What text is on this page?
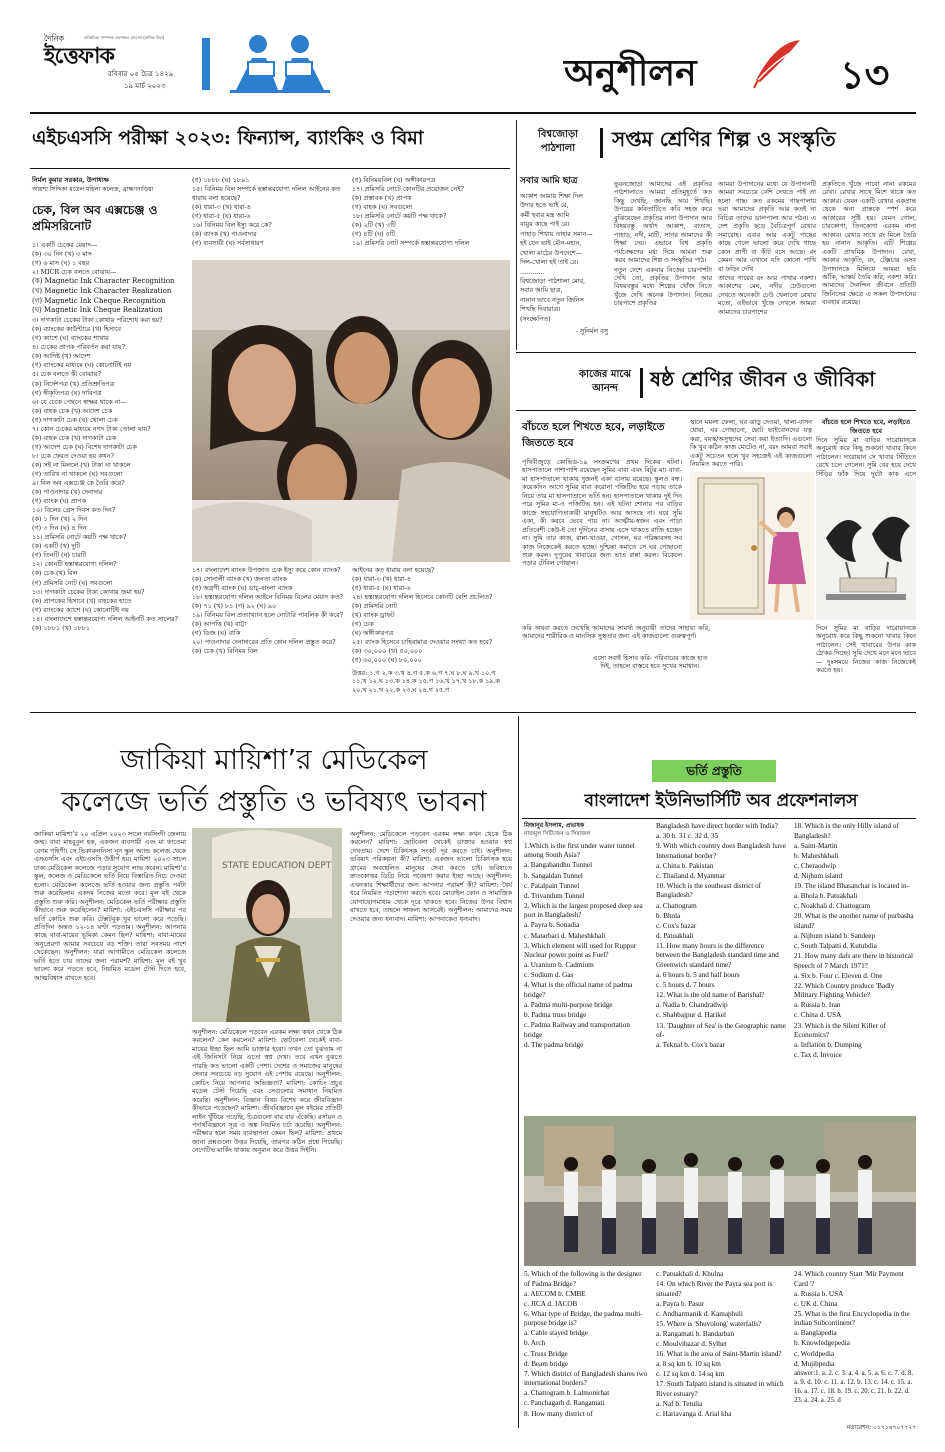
দৈনিক
ইত্তেফাক
প্রতিষ্ঠাতা সম্পাদক তফাজ্জল হোসেন (মানিক মিয়া)
রবিবার ০৫ চৈত্র ১৪২৯
১৯ মার্চ ২০২৩	অনুশীলন	১৩
এইচএসসি পরীক্ষা ২০২৩: ফিন্যান্স, ব্যাংকিং ও বিমা
নির্মল কুমার সরকার, উপাধ্যক্ষ
আয়শা সিদ্দিকা মডেল মহিলা কলেজ, ব্রাহ্মণবাড়িয়া
চেক, বিল অব এক্সচেঞ্জ ও প্রমিসরিনোট
১। একটি চেকের মেয়াদ—
(ক) ৩০ দিন (খ) ৩ মাস
(গ) ৬ মাস (ঘ) ১ বছর
২। MICR চেক বলতে বোঝায়—
(ক) Magnetic Ink Character Recognition
(খ) Magnetic Ink Character Realization
(গ) Magnetic Ink Cheque Recognition
(ঘ) Magnetic Ink Cheque Realization
৩। দাগকাটা চেকের টাকা কোথায় পরিশোধ করা হয়?
(ক) ব্যাংকের কাউন্টারে (খ) হিসাবে
(গ) ক্যাশে (ঘ) ব্যাংকের শাখায়
৪। চেকের প্রাপক পরিবর্তন করা যায়?
(ক) আদিষ্ট (খ) আদেশ
(গ) ব্যাংকের মাধ্যমে (ঘ) কোনোটিই নয়
৫। চেক বলতে কী বোঝায়?
(ক) নির্দেশপত্র (খ) প্রতিশ্রুতিপত্র
(গ) স্বীকৃতিপত্র (ঘ) দাবিপত্র
৬। যে চেকে পেছনে স্বাক্ষর থাকে না—
(ক) বাহক চেক (খ) আদেশ চেক
(গ) দাগকাটা চেক (ঘ) খোলা চেক
৭। কোন চেকের মাধ্যমে নগদ টাকা তোলা যায়?
(ক) বাহক চেক (খ) দাগকাটা চেক
(গ) আদেশ চেক (ঘ) বিশেষ দাগকাটা চেক
৮। চেক ফেরত দেওয়া হয় কখন?
(ক) সই না মিললে (খ) টাকা না থাকলে
(গ) তারিখ না থাকলে (ঘ) সবগুলো
৯। বিল অব এক্সচেঞ্জ কে তৈরি করে?
(ক) পাওনাদার (খ) দেনাদার
(গ) ব্যাংক (ঘ) প্রাপক
১০। বিলের গ্রেস দিবস কত দিন?
(ক) ১ দিন (খ) ২ দিন
(গ) ৩ দিন (ঘ) ৪ দিন
১১। প্রমিসরি নোটে কয়টি পক্ষ থাকে?
(ক) একটি (খ) দুটি
(গ) তিনটি (ঘ) চারটি
১২। কোনটি হস্তান্তরযোগ্য দলিল?
(ক) চেক (খ) বিল
(গ) প্রমিসরি নোট (ঘ) সবগুলো
১৩। দাগকাটা চেকের টাকা কোথায় জমা হয়?
(ক) প্রাপকের হিসাবে (খ) বাহকের হাতে
(গ) ব্যাংকের ক্যাশে (ঘ) কোনোটিই নয়
১৪। বাংলাদেশে হস্তান্তরযোগ্য দলিল আইনটি কত সালের?
(ক) ১৮৮১ (খ) ১৮৮১
(গ) ১৮৮৮ (ঘ) ১৮৯১
১৫। বিনিময় বিল সম্পর্কে হস্তান্তরযোগ্য দলিল আইনের কত ধারায় বলা হয়েছে?
(ক) ধারা-৩ (খ) ধারা-৪
(গ) ধারা-৫ (ঘ) ধারা-৬
১৬। বিনিময় বিল ইস্যু করে কে?
(ক) ব্যাংক (খ) পাওনাদার
(গ) ব্যবসায়ী (ঘ) সর্বসাধারণ
(গ) বিনিময়বিল (ঘ) অঙ্গীকারপত্র
১৭। প্রমিসরি নোটে কোনটির প্রয়োজন নেই?
(ক) প্রস্তাবক (খ) প্রাপক
(গ) বাহক (ঘ) সবগুলো
১৮। প্রমিসরি নোটে কয়টি পক্ষ থাকে?
(ক) ২টি (খ) ৩টি
(গ) ৪টি (ঘ) ৫টি
১৯। প্রমিসরি নোট সম্পর্কে হস্তান্তরযোগ্য দলিল
১৭। বাংলাদেশ ব্যাংক উপজাত চেক ইস্যু করে কোন ব্যাংক?
(ক) সোনালী ব্যাংক (খ) জনতা ব্যাংক
(গ) অগ্রণী ব্যাংক (ঘ) ডাচ্-বাংলা ব্যাংক
১৮। হস্তান্তরযোগ্য দলিল আইনে বিনিময় বিলের মেয়াদ কত?
(ক) ৭১ (খ) ৮১ (গ) ৯২ (ঘ) ৯০
১৯। বিনিময় বিল প্রত্যাখ্যান হলে নোটারি পাবলিক কী করে?
(ক) আপত্তি (খ) বাট্টা
(গ) ডিজ (ঘ) বাকি
২০। পাওনাদার দেনাদারের প্রতি কোন দলিল প্রস্তুত করে?
(ক) চেক (খ) বিনিময় বিল
আইনের কত ধারায় বলা হয়েছে?
(ক) ধারা-৩ (খ) ধারা-৪
(গ) ধারা-৫ (ঘ) ধারা-৬
২৪। হস্তান্তরযোগ্য দলিল হিসেবে কোনটি বেশি প্রচলিত?
(ক) প্রমিসরি নোট
(খ) ব্যাংক ড্রাফট
(গ) চেক
(ঘ) অঙ্গীকারপত্র
২৫। ব্যাংক হিসেবে চাহিবামাত্র দেওয়ার সংখ্যা কত হবে?
(ক) ৩০,০০০ (খ) ৫০,০০০
(গ) ৬০,০০০ (ঘ) ৮০,০০০
উত্তর: ১.গ ২.ক ৩.খ ৪.গ ৫.ক ৬.গ ৭.ঘ ৮.ঘ ৯.খ ১০.গ ১১.খ ১২.ঘ ১৩.ক ১৪.ক ১৫.গ ১৬.খ ১৭.খ ১৮.ক ১৯.ক ২০.খ ২১.খ ২২.ক ২৩.ঘ ২৪.গ ২৫.গ
বিশ্বজোড়া
পাঠশালা	সপ্তম শ্রেণির শিল্প ও সংস্কৃতি
সবার আমি ছাত্র
আকাশ আমায় শিক্ষা দিল
উদার হতে ভাই রে,
কর্মী হবার মন্ত্র আমি
বায়ুর কাছে পাই রে।
পাহাড় শিখায় তাহার সমান—
হই যেন ভাই মৌন-মহান,
খোলা মাঠের উপদেশে—
দিল-খোলা হই তাই রে।
............
বিশ্বজোড়া পাঠশালা মোর,
সবার আমি ছাত্র,
নানান ভাবে নতুন জিনিস
শিখছি দিবারাত্র।
(সংক্ষেপিত)
- সুনির্মল বসু

ভুবনজোড়া আমাদের এই প্রকৃতির পাঠশালাতে আমরা প্রতিমুহূর্তে কত কিছু দেখছি, জানছি আর শিখছি। উপরের কবিতাটিতে কবি সহজ করে বুঝিয়েছেন প্রকৃতির নানা উপাদান আর বিষয়বস্তু অর্থাৎ আকাশ, বাতাস, পাহাড়, নদী, মাটি, সাগর আমাদের কী শিক্ষা দেয়। এভাবে বিশ্ব প্রকৃতি পর্যবেক্ষণের মধ্য দিয়ে আমরা শুরু করব আমাদের শিল্প ও সংস্কৃতির পাঠ।

নতুন দেশে একবার নিজের চারপাশটা দেখি তো, প্রকৃতির উপাদান আর বিষয়বস্তুর মধ্যে শিল্পের খোঁজ নিতে খুঁজে দেখি অনেক উপাদান। নিজের চারপাশে প্রকৃতির

আমরা উপাদানের মধ্যে যে উপাদানটি আমরা সবচেয়ে বেশি দেখতে পাই তা হলো গাছ। কত রকমের গাছপালায় ভরা আমাদের প্রকৃতি আর কতই না বিচিত্র তাদের ডালপালা আর গঠন। এ দেশ প্রকৃতি ছড়ে বৈচিত্রপূর্ণ রেখার সমারোহ। এবার আর একটু গাছের কাছে গেলে ভালো করে দেখি গাছে কোন প্রাণী বা কীট বসে আছে। রং কেমন আর এখানে যদি কোনো পাখি বা ফড়িং দেখি

তাদের গায়ের রং আর পাখার নকশা। আকাশের মেঘ, নদীর ঢেউগুলো দেখতে অনেকটা ঢেউ খেলানো রেখার মতো, এইভাবে খুঁজে দেখলে আমরা আমাদের চারপাশের

প্রকৃতিতে খুঁজে পাবো নানা রকমের রেখা। রেখার সাথে মিশে থাকে কত আকার। যেমন একটি রেখার একপ্রান্ত থেকে অন্য প্রান্তকে স্পর্শ করে আকারের সৃষ্টি হয়। যেমন গোল, চারকোণা, তিনকোণা এরকম নানা আকার। রেখার সাথে রং মিলে তৈরি হয় নানান আকৃতি। এটি শিল্পের একটি প্রাথমিক উপাদান। রেখা, আকার আকৃতি, রং, টেক্সচার এসব উপাদানকে মিলিয়ে আমরা ছবি আঁকি, ভাস্কর্য তৈরি করি, নকশা করি। আমাদের দৈনন্দিন জীবনে প্রতিটি জিনিসের ক্ষেত্রে এ সকল উপাদানের ব্যবহার রয়েছে।

কাজের মাঝে
আনন্দ	ষষ্ঠ শ্রেণির জীবন ও জীবিকা
বাঁচতে হলে শিখতে হবে, লড়াইতে জিততে হবে

পৃথিবীজুড়ে কোভিড-১৯ সংক্রমণের প্রথম দিকের ঘটনা। হাসপাতালে পাশাপাশি রয়েছেন সুমির বাবা এবং বিটুর মা। বাবা-মা হাসপাতালে থাকায় দুজনই একা বাসায় রয়েছে। স্কুলও বন্ধ। কয়েকদিন আগে সুমির বাবা করোনা পজিটিভ হয়ে পড়ায় তাকে নিয়ে তার মা হাসপাতালে ভর্তি হন। হাসপাতালে থাকার দুই দিন পরে সুমির মা-ও পজিটিভ হন। এই ঘটনা শোনার পর বাড়ির কাজে সহযোগিতাকারী মানুষটিও আর আসছে না। ঘরে সুমি একা, কী করবে ভেবে পায় না। আত্মীয়-স্বজন এবং পাড়া প্রতিবেশী কেউ-ই তো দুর্দিনের বাসায় এসে থাকতে রাজি হচ্ছেন না। সুমি তার কাজ, রান্না-খাওয়া, গোসল, ঘর পরিষ্কারসহ সব কাজ নিজেকেই করতে হচ্ছে। দুশ্চিন্তা কমাতে সে ঘর গোছানো শুরু করল। দুপুরের খাবারের জন্য ভাত রান্না করল। বিকেলে পড়ার টেবিল গোছাল।

স্থানে ময়লা ফেলা, ঘর ঝাড়ু দেওয়া, থালা-বাসন ধোয়া, ঘর গোছানো, ছোট ভাইবোনদের যত্ন করা, বয়স্ক/অসুস্থদের সেবা করা ইত্যাদি। এগুলো কি খুব কঠিন কাজ মোটেও না, বরং আমরা সবাই একটু সচেতন হলে খুব সহজেই এই কাজগুলো নিয়মিত করতে পারি।

বাঁচতে হলে শিখতে হবে, লড়াইতে জিততে হবে

দিনে সুমির মা বাড়ির দারোয়ানকে অনুরোধ করে কিছু শুকনো খাবার কিনে পাঠালেন। দারোয়ান সে খাবার সিঁড়িতে রেখে চলে গেলেন। সুমি বের হয়ে দেখে সিঁড়ির ফাঁক দিয়ে দুটো কাক এসে

করি অথবা করতে দেখেছি আমাদের সামর্থ্য অনুযায়ী তাদের সাহায্য করি, আমাদের শারীরিক ও মানসিক সুস্থতার জন্য এই কাজগুলো গুরুত্বপূর্ণ।

এসো সবাই হিসাব করি- পরিবারের কাজে হাত দিই, তাহলে বাস্তবে হবে সুখের সমাধান।

দিনে সুমির মা বাড়ির দারোয়ানকে অনুরোধ করে কিছু শুকনো খাবার কিনে পাঠালেন। সেই খাবারের উপর কাক ঠোকর দিচ্ছে। সুমি দেখে মনে মনে ভাবে— দুঃসময়ে নিজের কাজ নিজেকেই করতে হয়।

জাকিয়া মায়িশা’র মেডিকেল
কলেজে ভর্তি প্রস্তুতি ও ভবিষ্যৎ ভাবনা

জাকিয়া মায়িশা’র ২০ এপ্রিল ২০২৩ সালে নরসিংদী জেলায় জন্ম। বাবা মাহবুবুল হক, একজন ব্যবসায়ী এবং মা ফাতেমা বেগম গৃহিণী। সে ভিকারুননিসা নূন স্কুল অ্যান্ড কলেজ থেকে এসএসসি এবং এইচএসসি উত্তীর্ণ হয়। মায়িশা ২০২৩ সালে ঢাকা মেডিকেল কলেজে পড়ার সুযোগ লাভ করেন। মায়িশা’র স্কুল, কলেজ ও মেডিকেলে ভর্তি নিয়ে বিস্তারিত নিচে দেওয়া হলো। মেডিকেল কলেজে ভর্তি হওয়ার জন্য প্রস্তুতি পর্বটা শুরু করেছিলাম একদম নিজের মতো করে। মূল বই থেকে প্রস্তুতি শুরু করি। অনুশীলন: মেডিকেল ভর্তি পরীক্ষার প্রস্তুতি কীভাবে শুরু করেছিলেন? মায়িশা: এইচএসসি পরীক্ষার পর ভর্তি কোচিং শুরু করি। টেক্সটবুক খুব ভালো করে পড়েছি। প্রতিদিন অন্তত ১২-১৪ ঘণ্টা পড়তাম। অনুশীলন: আপনার কাছে বাবা-মায়ের ভূমিকা কেমন ছিল? মায়িশা: বাবা-মায়ের অনুপ্রেরণা আমার সবচেয়ে বড় শক্তি। তারা সবসময় পাশে থেকেছেন। অনুশীলন: যারা আগামীতে মেডিকেল কলেজে ভর্তি হতে চায় তাদের জন্য পরামর্শ? মায়িশা: মূল বই খুব ভালো করে পড়তে হবে, নিয়মিত মডেল টেস্ট দিতে হবে, আত্মবিশ্বাস রাখতে হবে।

STATE EDUCATION DEPT

অনুশীলন: মেডিকেলে পড়বেন এরকম লক্ষ্য কখন থেকে ঠিক করলেন? কেন করলেন? মায়িশা: ছোটবেলা থেকেই বাবা-মায়ের ইচ্ছা ছিল আমি ডাক্তার হবো। তখন তো বুঝতাম না এই জিনিসটা নিয়ে এতো স্বপ্ন দেখা। তবে এখন বুঝতে পারছি কত ভালো একটি পেশা। দেশের ও সমাজের মানুষের সেবার সবচেয়ে বড় সুযোগ এই পেশায় রয়েছে। অনুশীলন: কোচিং নিয়ে আপনার অভিজ্ঞতা? মায়িশা: কোচিং প্রচুর মডেল টেস্ট দিয়েছি এবং সেগুলোর সমাধান নিয়মিত করেছি। অনুশীলন: বিজ্ঞান বিষয় বিশেষ করে জীববিজ্ঞান কীভাবে পড়েছেন? মায়িশা: জীববিজ্ঞানে মূল বইয়ের প্রতিটি লাইন খুঁটিয়ে পড়েছি, চিত্রগুলো বার বার এঁকেছি। রসায়ন ও পদার্থবিজ্ঞানে সূত্র ও অঙ্ক নিয়মিত চর্চা করেছি। অনুশীলন: পরীক্ষার হলে সময় ব্যবস্থাপনা কেমন ছিল? মায়িশা: প্রথমে জানা প্রশ্নগুলো উত্তর দিয়েছি, তারপর কঠিন প্রশ্নে গিয়েছি। নেগেটিভ মার্কিং থাকায় অনুমান করে উত্তর দিইনি।

অনুশীলন: মেডিকেলে পড়বেন এরকম লক্ষ্য কখন থেকে ঠিক করলেন? মায়িশা: ছোটবেলা থেকেই ডাক্তার হওয়ার স্বপ্ন দেখতাম। দেশে চিকিৎসক সংকট দূর করতে চাই। অনুশীলন: ভবিষ্যৎ পরিকল্পনা কী? মায়িশা: একজন ভালো চিকিৎসক হয়ে গ্রামের অবহেলিত মানুষের সেবা করতে চাই। ভবিষ্যতে স্নাতকোত্তর ডিগ্রি নিয়ে গবেষণা করার ইচ্ছা আছে। অনুশীলন: এখনকার শিক্ষার্থীদের জন্য আপনার পরামর্শ কী? মায়িশা: ধৈর্য ধরে নিয়মিত পড়াশোনা করতে হবে। মোবাইল ফোন ও সামাজিক যোগাযোগমাধ্যম থেকে দূরে থাকতে হবে। নিজের উপর বিশ্বাস রাখতে হবে, তাহলে সাফল্য আসবেই। অনুশীলন: আমাদের সময় দেওয়ার জন্য ধন্যবাদ। মায়িশা: আপনাকেও ধন্যবাদ।

ভর্তি প্রস্তুতি
বাংলাদেশ ইউনিভার্সিটি অব প্রফেশনালস
মিজানুর ইসলাম, প্রভাষক
নাজমুল সিটিজেন ও সিরাজল
1.Which is the first under water tunnel among South Asia?
a. Bangabandhu Tunnel
b. Sangaldan Tunnel
c. Patalpain Tunnel
d. Trivandum Tunnel
2. Which is the largest proposed deep sea port in Bangladesh?
a. Payra b. Sonadia
c. Matarbari d. Maheshkhali
3. Which element will used for Ruppur Nuclear power point as Fuel?
a. Uranium b. Cadmium
c. Sodium d. Gas
4. What is the official name of padma bridge?
a. Padma multi-purpose bridge
b. Padma truss bridge
c. Padma Railway and transportation bridge
d. The padma bridge
Bangladesh have direct border with India?
a. 30 b. 31 c. 32 d. 35
9. With which country does Bangladesh have International border?
a. China b. Pakistan
c. Thailand d. Myanmar
10. Which is the southeast district of Bangladesh?
a. Chattogram
b. Bhola
c. Cox's bazar
d. Patuakhali
11. How many hours is the difference between the Bangladesh standard time and Greenwich standard time?
a. 6 hours b. 5 and half hours
c. 5 hours d. 7 hours
12. What is the old name of Barishal?
a. Nadia b. Chandradwip
c. Shahbajpur d. Harikel
13. 'Daughter of Sea' is the Geographic name of-
a. Teknaf b. Cox's bazar
18. Which is the only Hilly island of Bangladesh?
a. Saint-Martin
b. Maheshkhali
c. Cheraodwip
d. Nijhum island
19. The island Bhasanchar is located in-
a. Bhola b. Patuakhali
c. Noakhali d. Chattogram
20. What is the another name of purbasha island?
a. Nijhum island b. Sandeep
c. South Talpatti d. Kutubdia
21. How many dafs are there in historical Speech of 7 March 1971?
a. Six b. Four c. Eleven d. One
22. Which Country produce 'Badly Military Fighting Vehicle?
a. Russia b. Iran
c. China d. USA
23. Which is the Silent Killer of Economics?
a. Inflation b. Dumping
c. Tax d. Invoice
5. Which of the following is the designer of Padma Bridge?
a. AECOM b. CMBE
c. JICA d. JACOB
6. What type of Bridge, the padma multi-purpose bridge is?
a. Cable stayed bridge
b. Arch
c. Truss Bridge
d. Beam bridge
7. Which district of Bangladesh shares two international borders?
a. Chattogram b. Lalmonirhat
c. Panchagarh d. Rangamati
8. How many district of
c. Patuakhali d. Khulna
14. On which River the Payra sea port is situated?
a. Payra b. Pasur
c. Andharmanik d. Kamaphuli
15. Where is 'Shuvolong' waterfalls?
a. Rangamati b. Bandarban
c. Moulvibazar d. Sylhet
16. What is the area of Saint-Martin island?
a. 8 sq km b. 10 sq km
c. 12 sq km d. 14 sq km
17. South Talpatti island is situated in which River estuary?
a. Naf b. Tetulia
c. Hariavanga d. Arial kha
24. Which country Start 'Mir Payment Card '?
a. Russia b. USA
c. UK d. China
25. What is the first Encyclopedia in the indian Subcontinent?
a. Banglapedia
b. Knowledgepedia
c. Worldpedia
d. Mujibpedia
answer:1. a. 2. c. 3. a. 4. a. 5. a. 6. c. 7. d. 8. a. 9. d. 10. c. 11. a. 12. b. 13. c. 14. c. 15. a. 16. a. 17. c. 18. b. 19. c. 20. c. 21. b. 22. d. 23. a. 24. a. 25. d
মডারেশন: ০১৭১৪৭০৭৭২৭
